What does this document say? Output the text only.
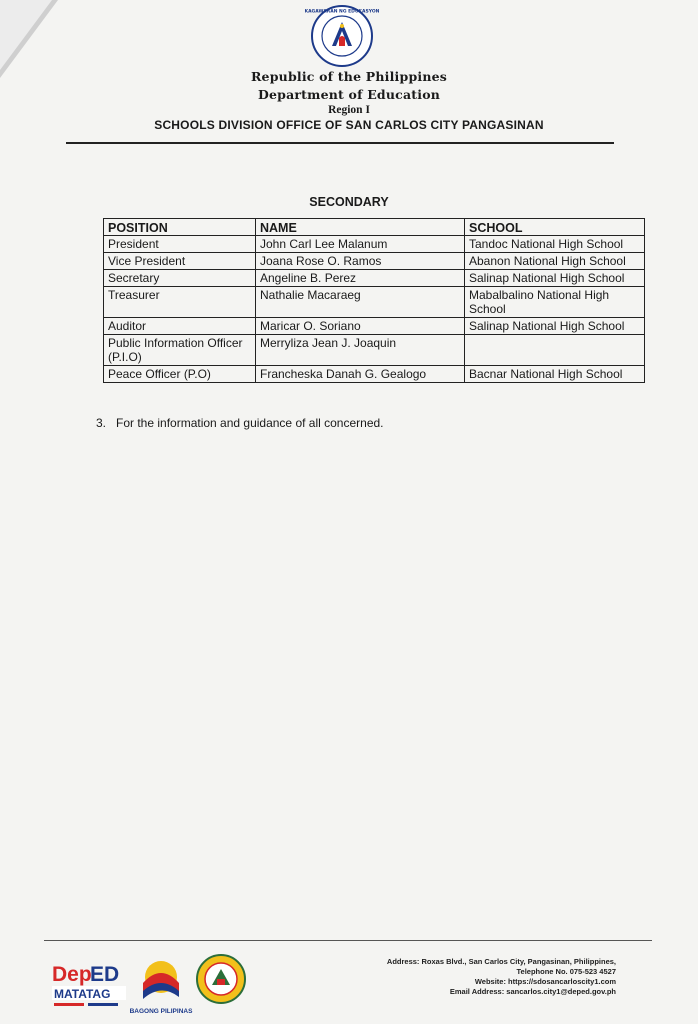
KAGAWARAN NG EDUKASYON
Republic of the Philippines
Department of Education
Region I
SCHOOLS DIVISION OFFICE OF SAN CARLOS CITY PANGASINAN
SECONDARY
POSITION	NAME	SCHOOL
President	John Carl Lee Malanum	Tandoc National High School
Vice President	Joana Rose O. Ramos	Abanon National High School
Secretary	Angeline B. Perez	Salinap National High School
Treasurer	Nathalie Macaraeg	Mabalbalino National High School
Auditor	Maricar O. Soriano	Salinap National High School
Public Information Officer (P.I.O)	Merryliza Jean J. Joaquin	
Peace Officer (P.O)	Francheska Danah G. Gealogo	Bacnar National High School
3. For the information and guidance of all concerned.
Dep
ED
MATATAG
BAGONG PILIPINAS
Address: Roxas Blvd., San Carlos City, Pangasinan, Philippines,
Telephone No. 075-523 4527
Website: https://sdosancarloscity1.com
Email Address: sancarlos.city1@deped.gov.ph
